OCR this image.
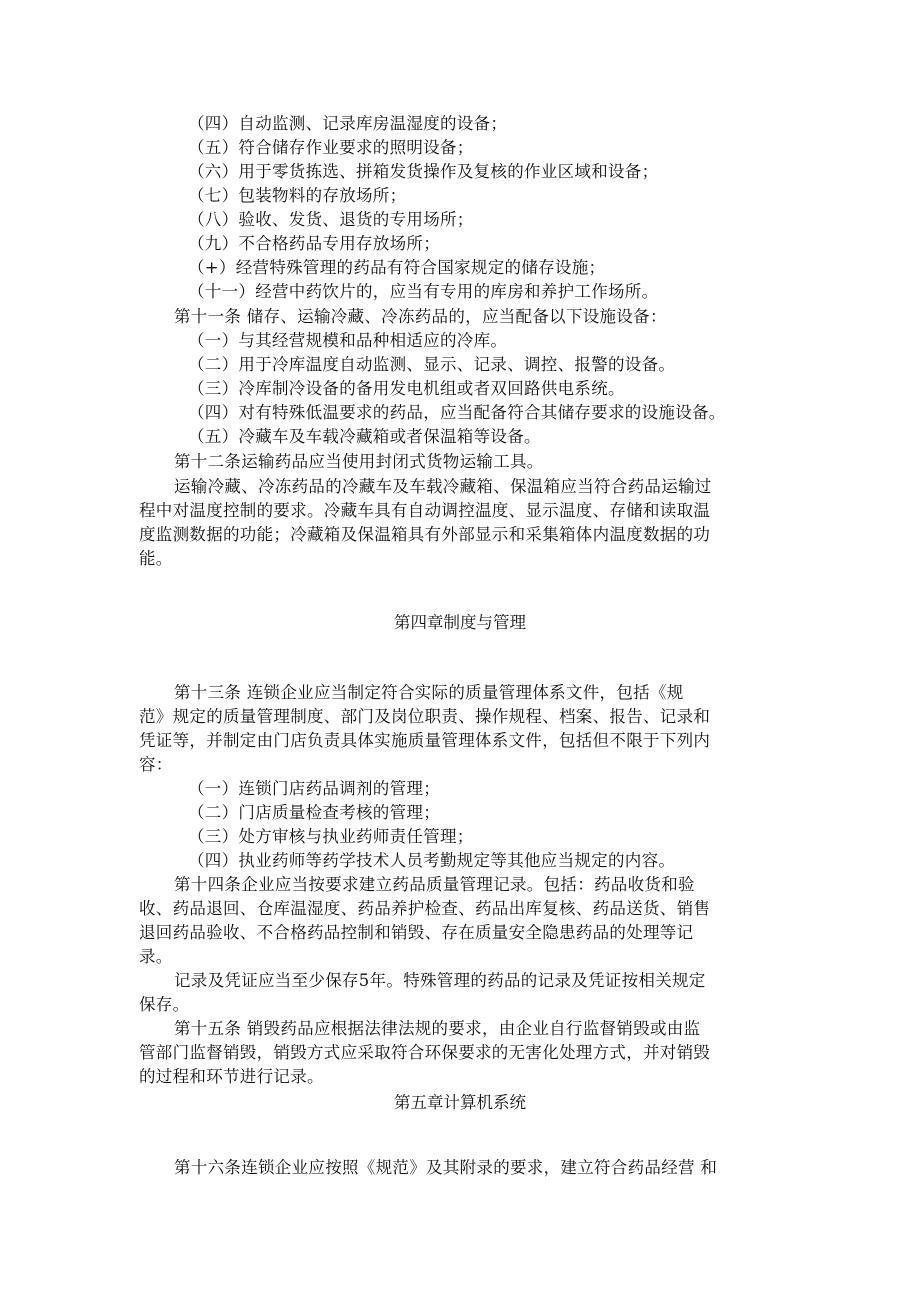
（四）自动监测、记录库房温湿度的设备；
（五）符合储存作业要求的照明设备；
（六）用于零货拣选、拼箱发货操作及复核的作业区域和设备；
（七）包装物料的存放场所；
（八）验收、发货、退货的专用场所；
（九）不合格药品专用存放场所；
（+）经营特殊管理的药品有符合国家规定的储存设施；
（十一）经营中药饮片的，应当有专用的库房和养护工作场所。
第十一条 储存、运输冷藏、冷冻药品的，应当配备以下设施设备：
（一）与其经营规模和品种相适应的冷库。
（二）用于冷库温度自动监测、显示、记录、调控、报警的设备。
（三）冷库制冷设备的备用发电机组或者双回路供电系统。
（四）对有特殊低温要求的药品，应当配备符合其储存要求的设施设备。
（五）冷藏车及车载冷藏箱或者保温箱等设备。
第十二条运输药品应当使用封闭式货物运输工具。
运输冷藏、冷冻药品的冷藏车及车载冷藏箱、保温箱应当符合药品运输过
程中对温度控制的要求。冷藏车具有自动调控温度、显示温度、存储和读取温
度监测数据的功能；冷藏箱及保温箱具有外部显示和采集箱体内温度数据的功
能。
第四章制度与管理
第十三条 连锁企业应当制定符合实际的质量管理体系文件，包括《规
范》规定的质量管理制度、部门及岗位职责、操作规程、档案、报告、记录和
凭证等，并制定由门店负责具体实施质量管理体系文件，包括但不限于下列内
容：
（一）连锁门店药品调剂的管理；
（二）门店质量检查考核的管理；
（三）处方审核与执业药师责任管理；
（四）执业药师等药学技术人员考勤规定等其他应当规定的内容。
第十四条企业应当按要求建立药品质量管理记录。包括：药品收货和验
收、药品退回、仓库温湿度、药品养护检查、药品出库复核、药品送货、销售
退回药品验收、不合格药品控制和销毁、存在质量安全隐患药品的处理等记
录。
记录及凭证应当至少保存5年。特殊管理的药品的记录及凭证按相关规定
保存。
第十五条 销毁药品应根据法律法规的要求，由企业自行监督销毁或由监
管部门监督销毁，销毁方式应采取符合环保要求的无害化处理方式，并对销毁
的过程和环节进行记录。
第五章计算机系统
第十六条连锁企业应按照《规范》及其附录的要求，建立符合药品经营 和
